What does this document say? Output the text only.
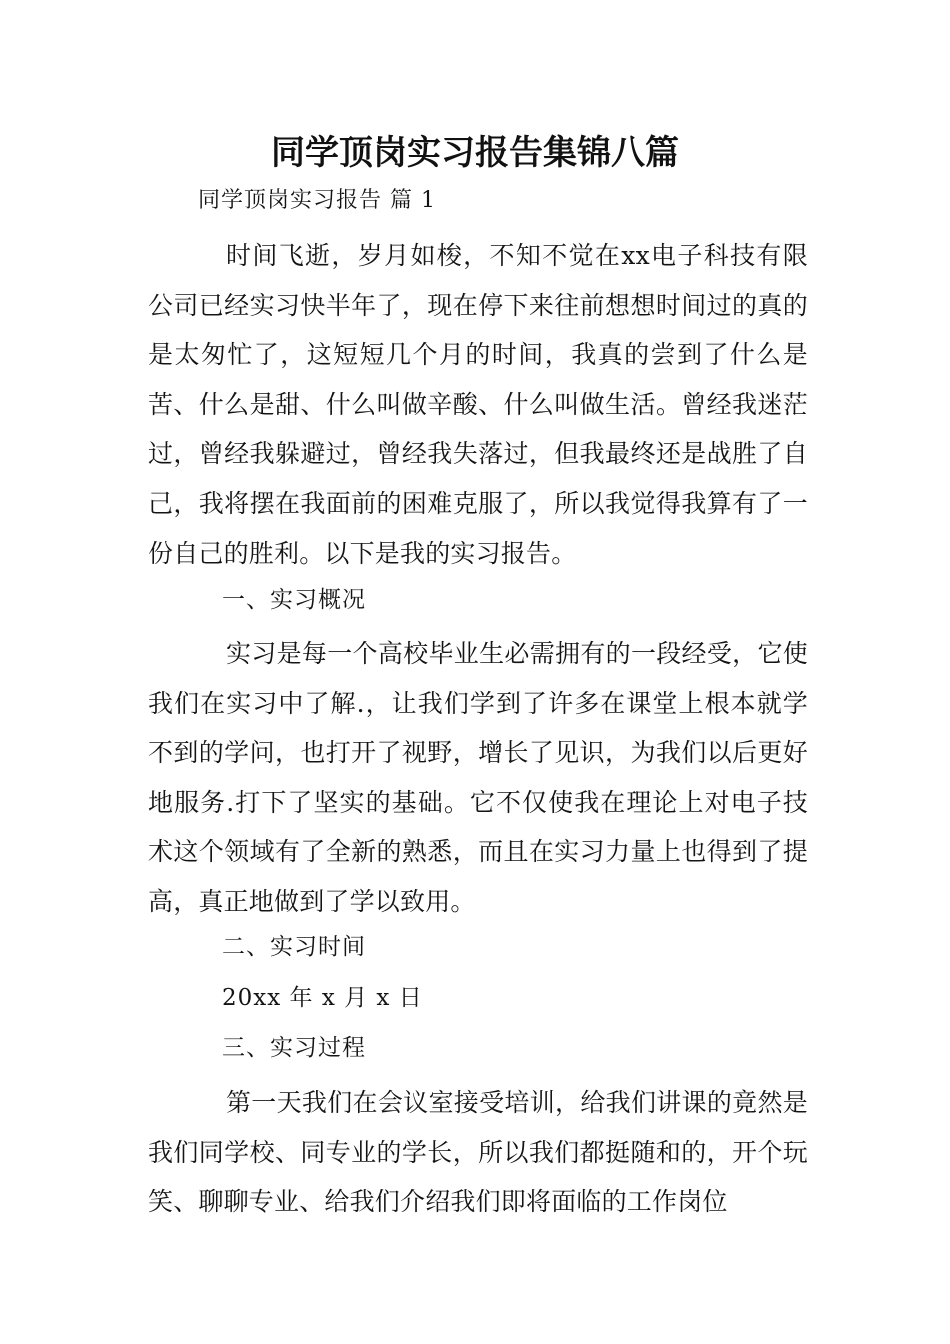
同学顶岗实习报告集锦八篇
同学顶岗实习报告 篇 1

时间飞逝，岁月如梭，不知不觉在xx电子科技有限公司已经实习快半年了，现在停下来往前想想时间过的真的是太匆忙了，这短短几个月的时间，我真的尝到了什么是苦、什么是甜、什么叫做辛酸、什么叫做生活。曾经我迷茫过，曾经我躲避过，曾经我失落过，但我最终还是战胜了自己，我将摆在我面前的困难克服了，所以我觉得我算有了一份自己的胜利。以下是我的实习报告。

一、实习概况

实习是每一个高校毕业生必需拥有的一段经受，它使我们在实习中了解.，让我们学到了许多在课堂上根本就学不到的学问，也打开了视野，增长了见识，为我们以后更好地服务.打下了坚实的基础。它不仅使我在理论上对电子技术这个领域有了全新的熟悉，而且在实习力量上也得到了提高，真正地做到了学以致用。

二、实习时间
20xx 年 x 月 x 日
三、实习过程

第一天我们在会议室接受培训，给我们讲课的竟然是我们同学校、同专业的学长，所以我们都挺随和的，开个玩笑、聊聊专业、给我们介绍我们即将面临的工作岗位
